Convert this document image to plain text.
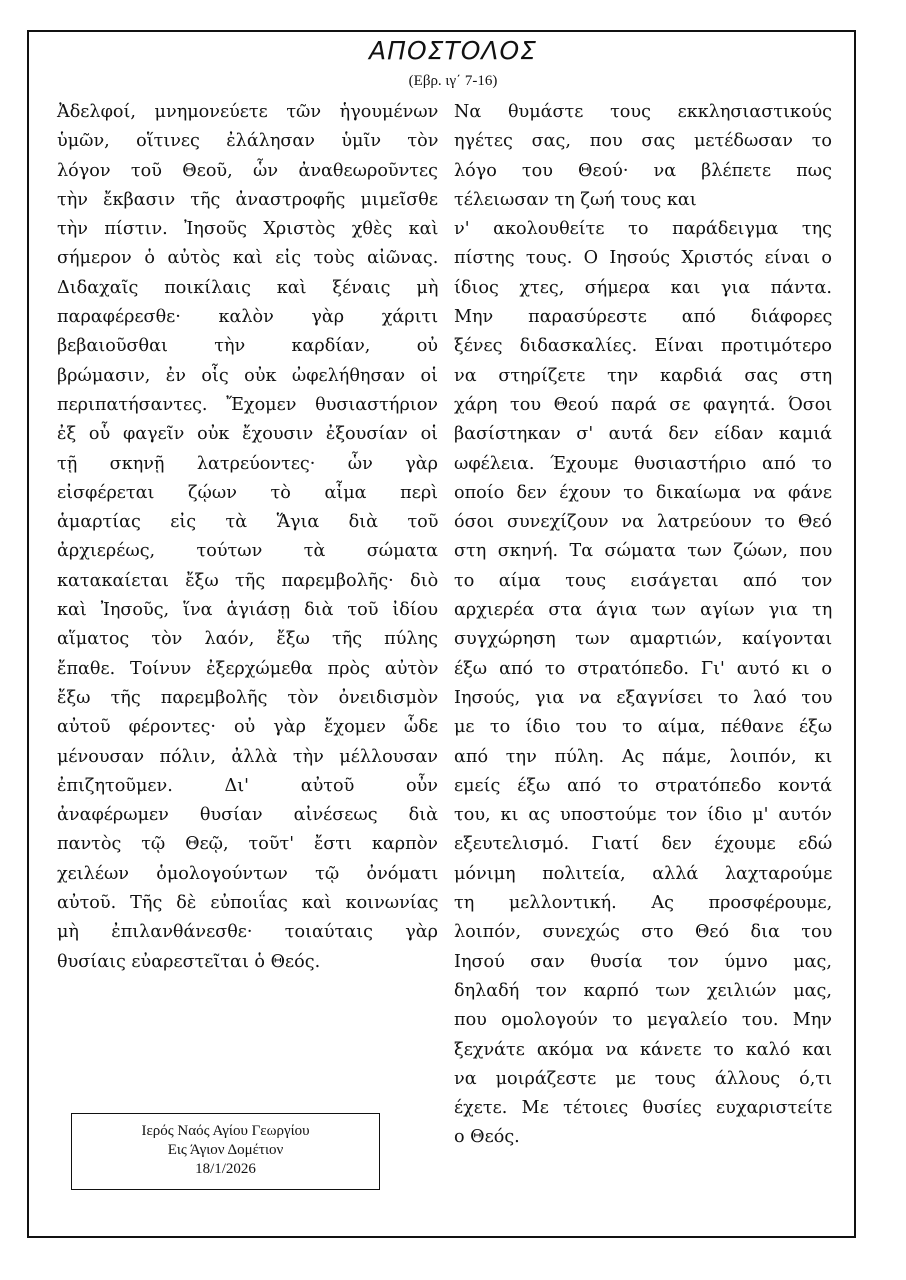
ΑΠΟΣΤΟΛΟΣ
(Εβρ. ιγ΄ 7-16)
Ἀδελφοί, μνημονεύετε τῶν ἡγουμένων
ὑμῶν, οἵτινες ἐλάλησαν ὑμῖν τὸν
λόγον τοῦ Θεοῦ, ὧν ἀναθεωροῦντες
τὴν ἔκβασιν τῆς ἀναστροφῆς μιμεῖσθε
τὴν πίστιν. Ἰησοῦς Χριστὸς χθὲς καὶ
σήμερον ὁ αὐτὸς καὶ εἰς τοὺς αἰῶνας.
Διδαχαῖς ποικίλαις καὶ ξέναις μὴ
παραφέρεσθε· καλὸν γὰρ χάριτι
βεβαιοῦσθαι τὴν καρδίαν, οὐ
βρώμασιν, ἐν οἷς οὐκ ὠφελήθησαν οἱ
περιπατήσαντες. Ἔχομεν θυσιαστήριον
ἐξ οὗ φαγεῖν οὐκ ἔχουσιν ἐξουσίαν οἱ
τῇ σκηνῇ λατρεύοντες· ὧν γὰρ
εἰσφέρεται ζῴων τὸ αἷμα περὶ
ἁμαρτίας εἰς τὰ Ἅγια διὰ τοῦ
ἀρχιερέως, τούτων τὰ σώματα
κατακαίεται ἔξω τῆς παρεμβολῆς· διὸ
καὶ Ἰησοῦς, ἵνα ἁγιάσῃ διὰ τοῦ ἰδίου
αἵματος τὸν λαόν, ἔξω τῆς πύλης
ἔπαθε. Τοίνυν ἐξερχώμεθα πρὸς αὐτὸν
ἔξω τῆς παρεμβολῆς τὸν ὀνειδισμὸν
αὐτοῦ φέροντες· οὐ γὰρ ἔχομεν ὧδε
μένουσαν πόλιν, ἀλλὰ τὴν μέλλουσαν
ἐπιζητοῦμεν. Δι' αὐτοῦ οὖν
ἀναφέρωμεν θυσίαν αἰνέσεως διὰ
παντὸς τῷ Θεῷ, τοῦτ' ἔστι καρπὸν
χειλέων ὁμολογούντων τῷ ὀνόματι
αὐτοῦ. Τῆς δὲ εὐποιΐας καὶ κοινωνίας
μὴ ἐπιλανθάνεσθε· τοιαύταις γὰρ
θυσίαις εὐαρεστεῖται ὁ Θεός.
Να θυμάστε τους εκκλησιαστικούς
ηγέτες σας, που σας μετέδωσαν το
λόγο του Θεού· να βλέπετε πως
τέλειωσαν τη ζωή τους και
ν' ακολουθείτε το παράδειγμα της
πίστης τους. Ο Ιησούς Χριστός είναι ο
ίδιος χτες, σήμερα και για πάντα.
Μην παρασύρεστε από διάφορες
ξένες διδασκαλίες. Είναι προτιμότερο
να στηρίζετε την καρδιά σας στη
χάρη του Θεού παρά σε φαγητά. Όσοι
βασίστηκαν σ' αυτά δεν είδαν καμιά
ωφέλεια. Έχουμε θυσιαστήριο από το
οποίο δεν έχουν το δικαίωμα να φάνε
όσοι συνεχίζουν να λατρεύουν το Θεό
στη σκηνή. Τα σώματα των ζώων, που
το αίμα τους εισάγεται από τον
αρχιερέα στα άγια των αγίων για τη
συγχώρηση των αμαρτιών, καίγονται
έξω από το στρατόπεδο. Γι' αυτό κι ο
Ιησούς, για να εξαγνίσει το λαό του
με το ίδιο του το αίμα, πέθανε έξω
από την πύλη. Ας πάμε, λοιπόν, κι
εμείς έξω από το στρατόπεδο κοντά
του, κι ας υποστούμε τον ίδιο μ' αυτόν
εξευτελισμό. Γιατί δεν έχουμε εδώ
μόνιμη πολιτεία, αλλά λαχταρούμε
τη μελλοντική. Ας προσφέρουμε,
λοιπόν, συνεχώς στο Θεό δια του
Ιησού σαν θυσία τον ύμνο μας,
δηλαδή τον καρπό των χειλιών μας,
που ομολογούν το μεγαλείο του. Μην
ξεχνάτε ακόμα να κάνετε το καλό και
να μοιράζεστε με τους άλλους ό,τι
έχετε. Με τέτοιες θυσίες ευχαριστείτε
ο Θεός.
Ιερός Ναός Αγίου Γεωργίου
Εις Άγιον Δομέτιον
18/1/2026
